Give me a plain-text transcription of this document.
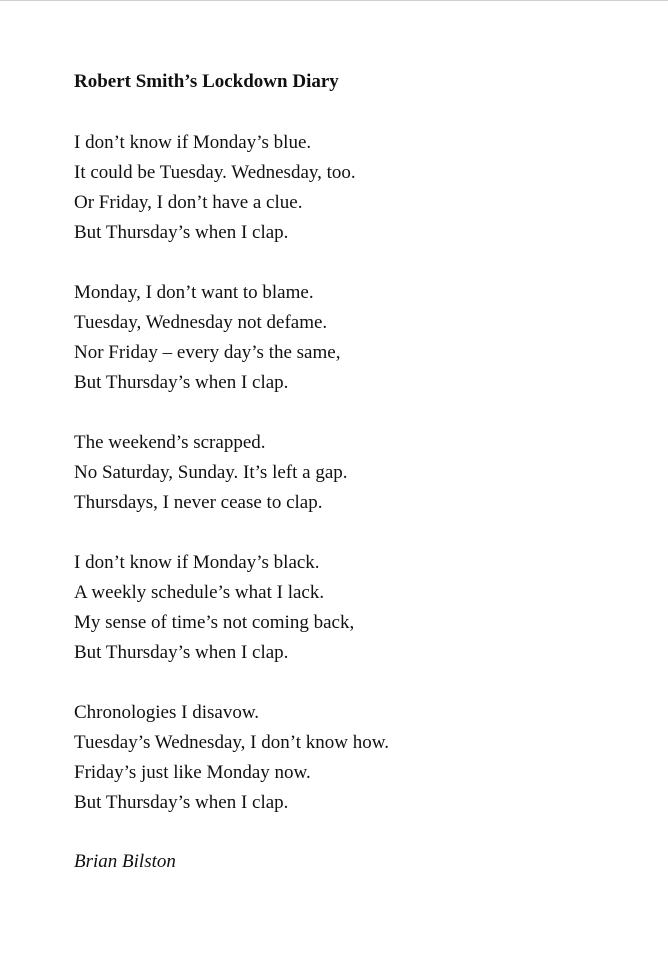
Robert Smith’s Lockdown Diary
I don’t know if Monday’s blue.
It could be Tuesday. Wednesday, too.
Or Friday, I don’t have a clue.
But Thursday’s when I clap.
Monday, I don’t want to blame.
Tuesday, Wednesday not defame.
Nor Friday – every day’s the same,
But Thursday’s when I clap.
The weekend’s scrapped.
No Saturday, Sunday. It’s left a gap.
Thursdays, I never cease to clap.
I don’t know if Monday’s black.
A weekly schedule’s what I lack.
My sense of time’s not coming back,
But Thursday’s when I clap.
Chronologies I disavow.
Tuesday’s Wednesday, I don’t know how.
Friday’s just like Monday now.
But Thursday’s when I clap.
Brian Bilston
